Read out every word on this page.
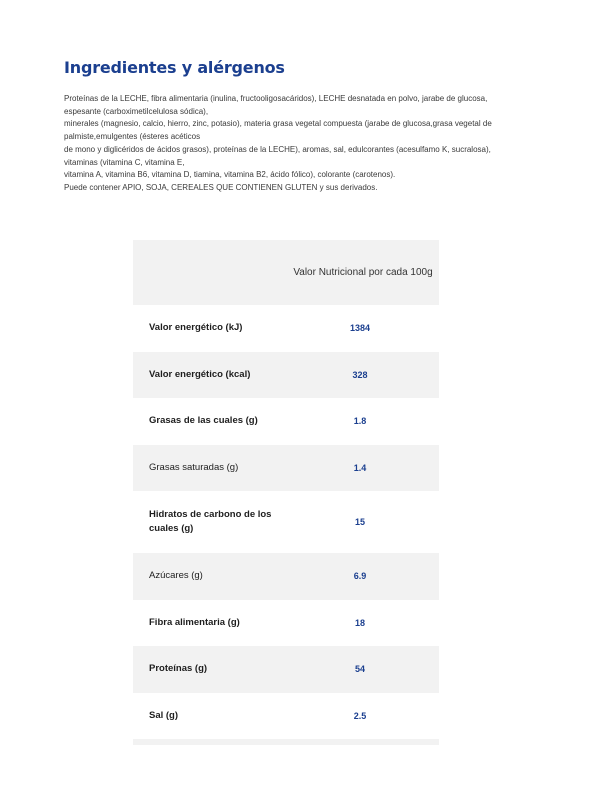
Ingredientes y alérgenos
Proteínas de la LECHE, fibra alimentaria (inulina, fructooligosacáridos), LECHE desnatada en polvo, jarabe de glucosa,
espesante (carboximetilcelulosa sódica),
minerales (magnesio, calcio, hierro, zinc, potasio), materia grasa vegetal compuesta (jarabe de glucosa,grasa vegetal de
palmiste,emulgentes (ésteres acéticos
de mono y diglicéridos de ácidos grasos), proteínas de la LECHE), aromas, sal, edulcorantes (acesulfamo K, sucralosa),
vitaminas (vitamina C, vitamina E,
vitamina A, vitamina B6, vitamina D, tiamina, vitamina B2, ácido fólico), colorante (carotenos).
Puede contener APIO, SOJA, CEREALES QUE CONTIENEN GLUTEN y sus derivados.
	Valor Nutricional por cada 100g
Valor energético (kJ)	1384
Valor energético (kcal)	328
Grasas de las cuales (g)	1.8
Grasas saturadas (g)	1.4
Hidratos de carbono de los cuales (g)	15
Azúcares (g)	6.9
Fibra alimentaria (g)	18
Proteínas (g)	54
Sal (g)	2.5
